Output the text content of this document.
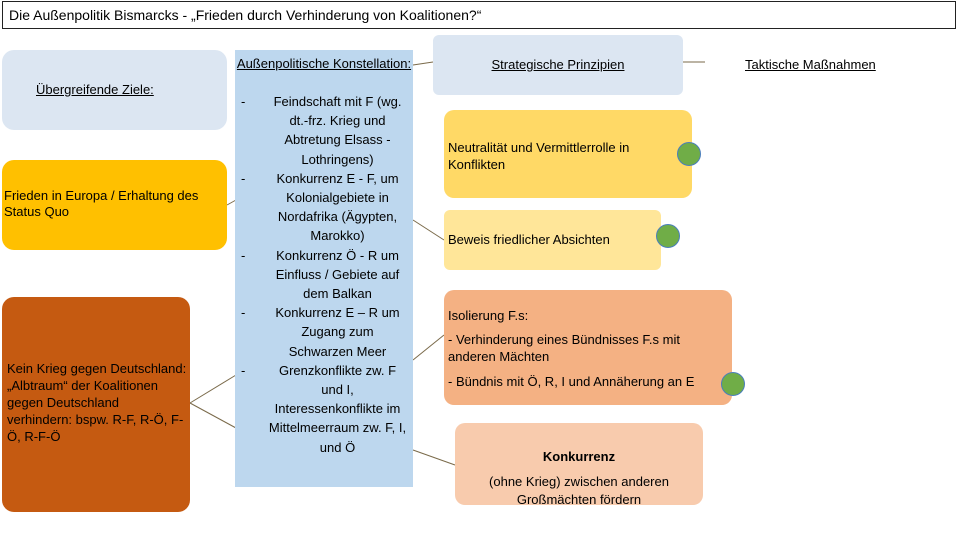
Die Außenpolitik Bismarcks - „Frieden durch Verhinderung von Koalitionen?“
Übergreifende Ziele:
Frieden in Europa / Erhaltung des Status Quo
Kein Krieg gegen Deutschland: „Albtraum“ der Koalitionen gegen Deutschland verhindern: bspw. R-F, R-Ö, F-Ö, R-F-Ö
Außenpolitische Konstellation:
- Feindschaft mit F (wg. dt.-frz. Krieg und Abtretung Elsass -Lothringens)
- Konkurrenz E - F, um Kolonialgebiete in Nordafrika (Ägypten, Marokko)
- Konkurrenz Ö - R um Einfluss / Gebiete auf dem Balkan
- Konkurrenz E – R um Zugang zum Schwarzen Meer
-	Grenzkonflikte zw. F und I, Interessenkonflikte im Mittelmeerraum zw. F, I, und Ö
Strategische Prinzipien	Taktische Maßnahmen
Neutralität und Vermittlerrolle in Konflikten
Beweis friedlicher Absichten
Isolierung F.s:
- Verhinderung eines Bündnisses F.s mit anderen Mächten
- Bündnis mit Ö, R, I und Annäherung an E
Konkurrenz
(ohne Krieg) zwischen anderen Großmächten fördern
